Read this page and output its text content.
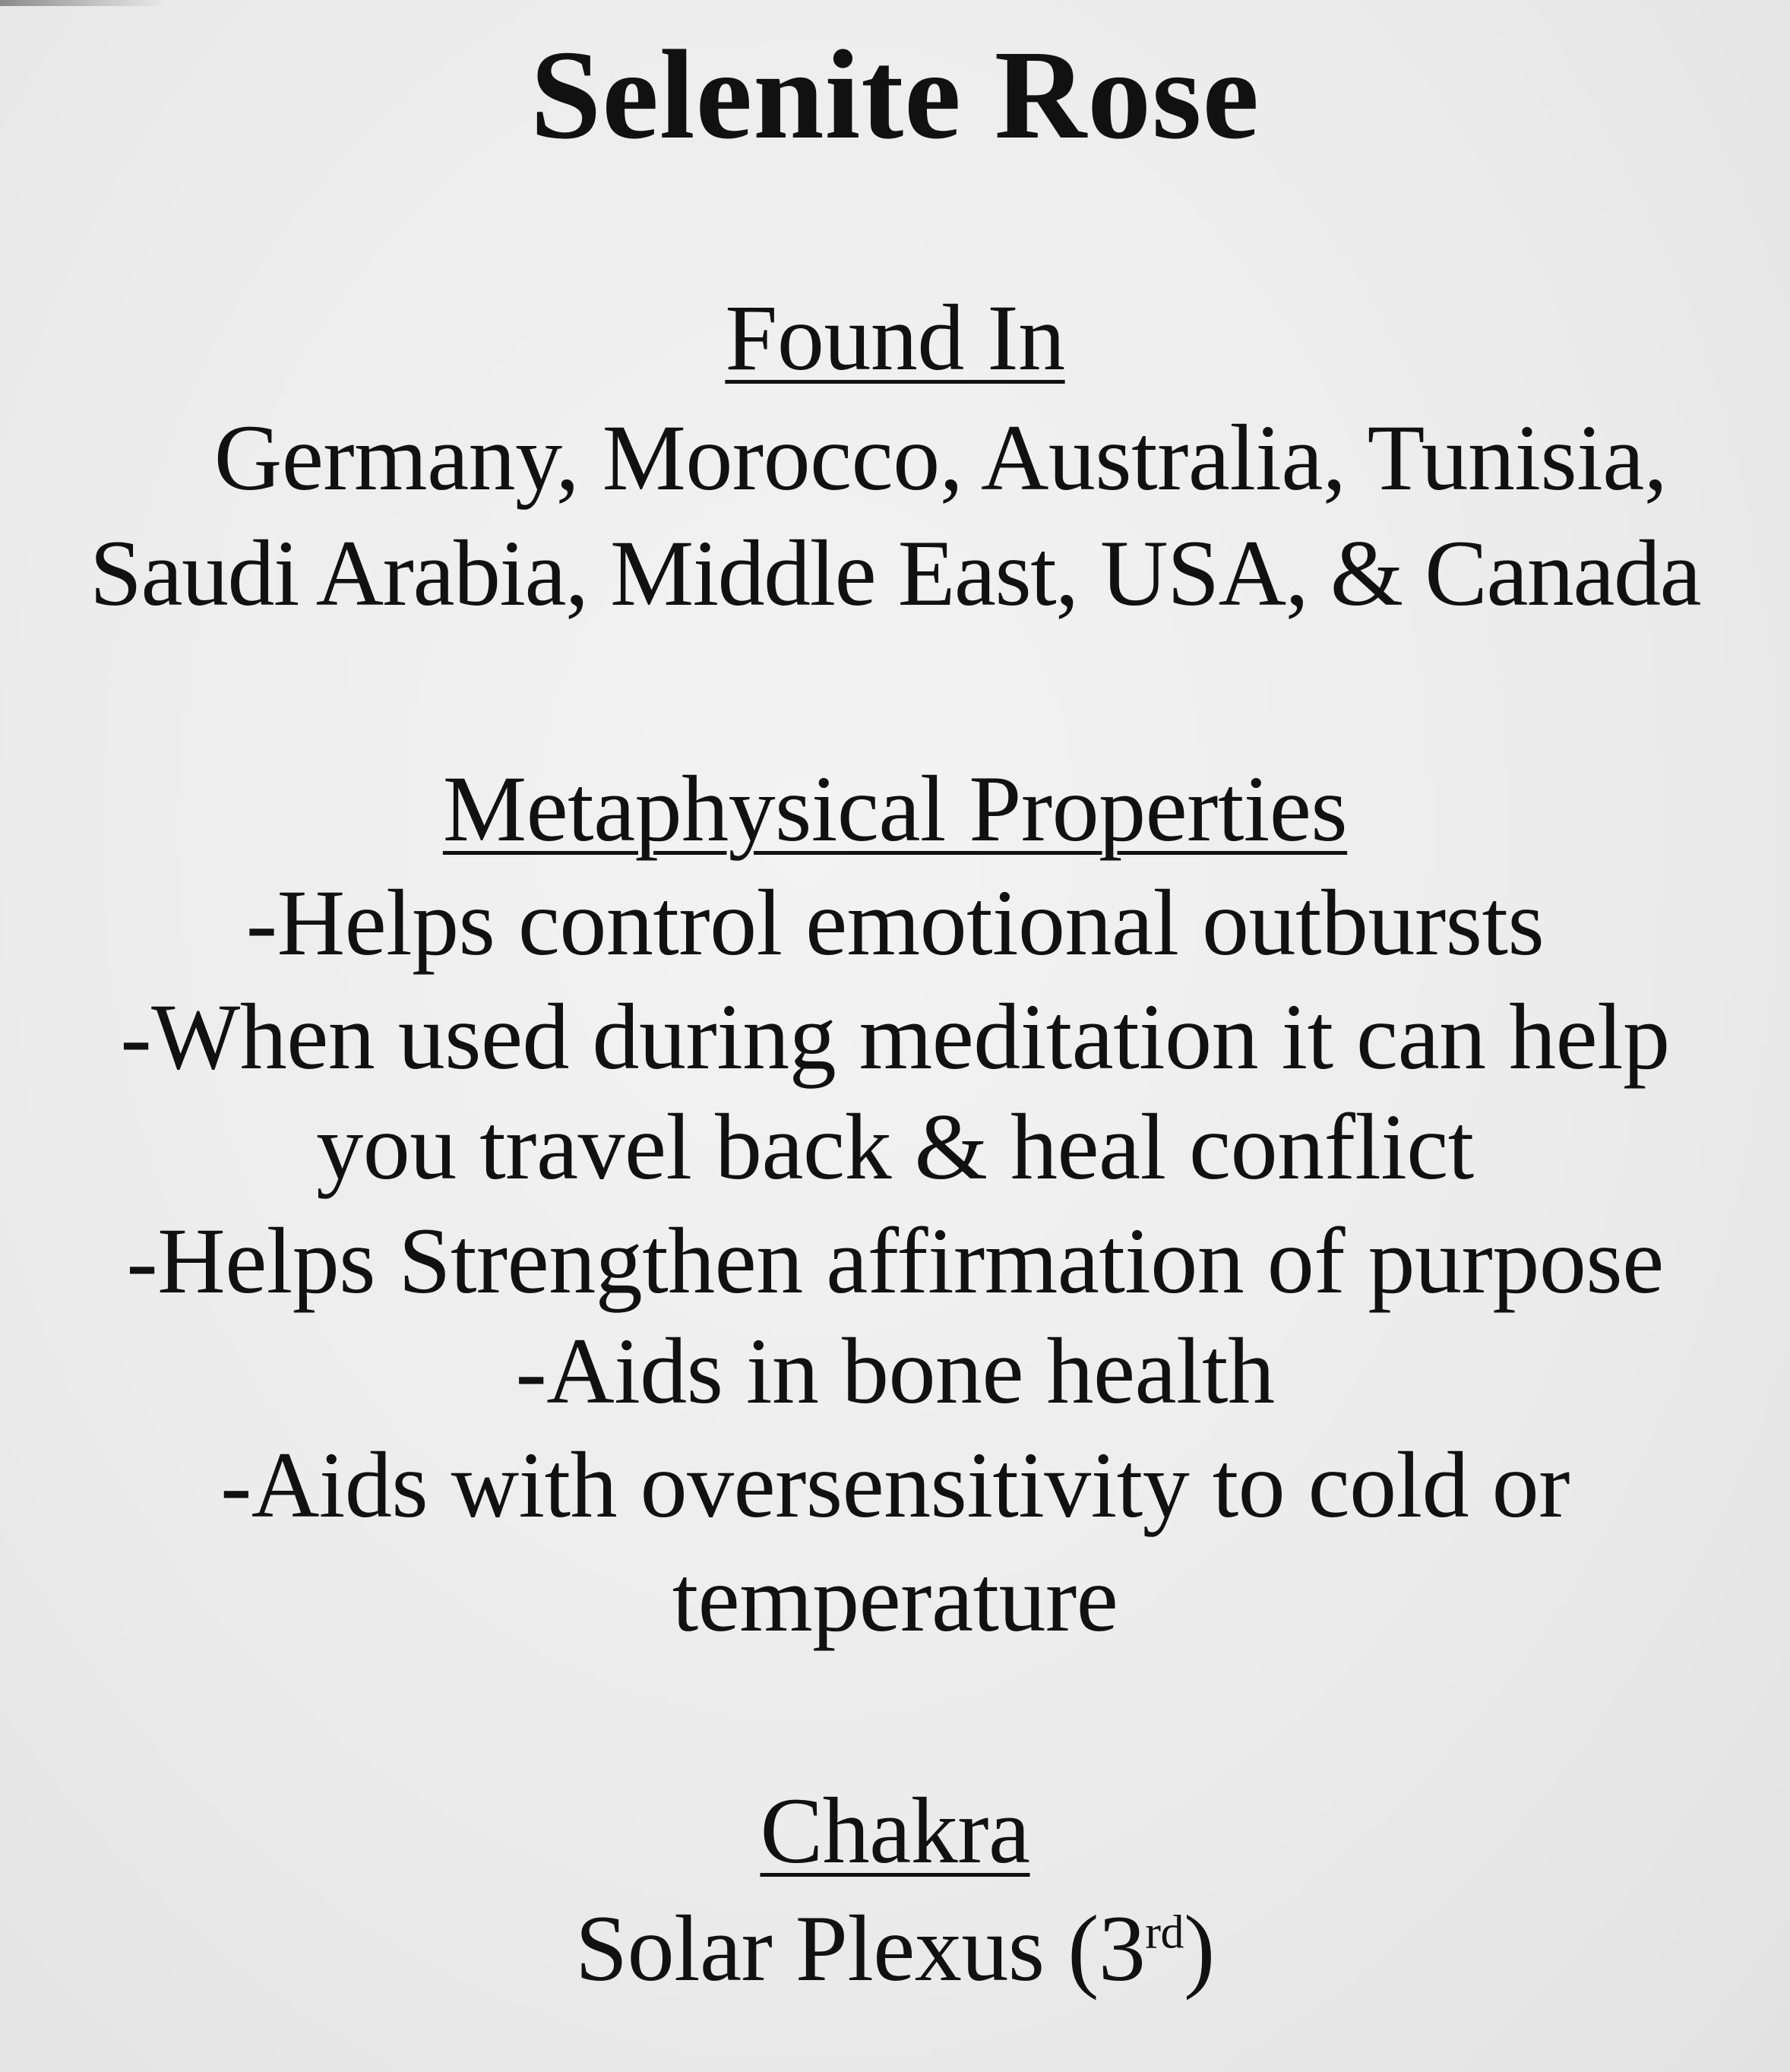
Selenite Rose
Found In
Germany, Morocco, Australia, Tunisia,
Saudi Arabia, Middle East, USA, & Canada
Metaphysical Properties
-Helps control emotional outbursts
-When used during meditation it can help
you travel back & heal conflict
-Helps Strengthen affirmation of purpose
-Aids in bone health
-Aids with oversensitivity to cold or
temperature
Chakra
Solar Plexus (3rd)
